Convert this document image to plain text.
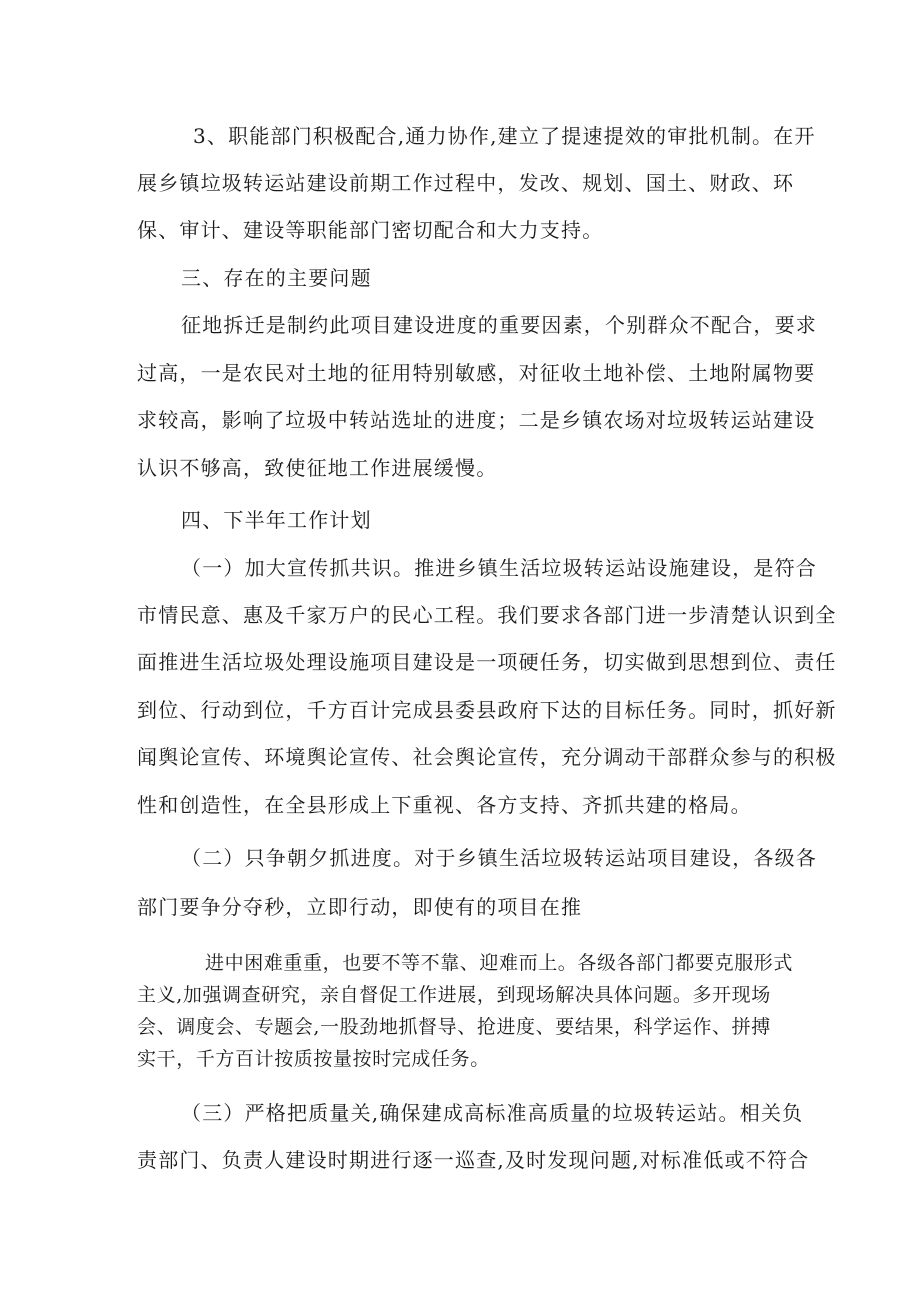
3、职能部门积极配合,通力协作,建立了提速提效的审批机制。在开
展乡镇垃圾转运站建设前期工作过程中，发改、规划、国土、财政、环
保、审计、建设等职能部门密切配合和大力支持。
三、存在的主要问题
征地拆迁是制约此项目建设进度的重要因素，个别群众不配合，要求
过高，一是农民对土地的征用特别敏感，对征收土地补偿、土地附属物要
求较高，影响了垃圾中转站选址的进度；二是乡镇农场对垃圾转运站建设
认识不够高，致使征地工作进展缓慢。
四、下半年工作计划
（一）加大宣传抓共识。推进乡镇生活垃圾转运站设施建设，是符合
市情民意、惠及千家万户的民心工程。我们要求各部门进一步清楚认识到全
面推进生活垃圾处理设施项目建设是一项硬任务，切实做到思想到位、责任
到位、行动到位，千方百计完成县委县政府下达的目标任务。同时，抓好新
闻舆论宣传、环境舆论宣传、社会舆论宣传，充分调动干部群众参与的积极
性和创造性，在全县形成上下重视、各方支持、齐抓共建的格局。
（二）只争朝夕抓进度。对于乡镇生活垃圾转运站项目建设，各级各
部门要争分夺秒，立即行动，即使有的项目在推
进中困难重重，也要不等不靠、迎难而上。各级各部门都要克服形式
主义,加强调查研究，亲自督促工作进展，到现场解决具体问题。多开现场
会、调度会、专题会,一股劲地抓督导、抢进度、要结果，科学运作、拼搏
实干，千方百计按质按量按时完成任务。
（三）严格把质量关,确保建成高标准高质量的垃圾转运站。相关负
责部门、负责人建设时期进行逐一巡查,及时发现问题,对标准低或不符合
